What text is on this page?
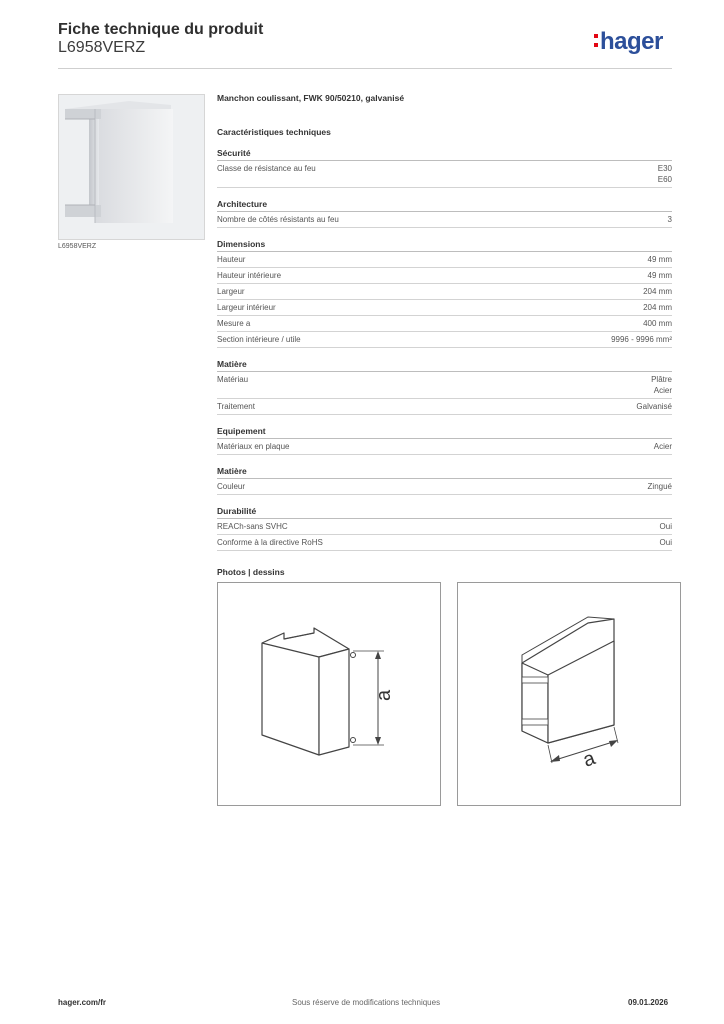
Fiche technique du produit
L6958VERZ	hager
L6958VERZ
Manchon coulissant, FWK 90/50210, galvanisé
Caractéristiques techniques
Sécurité
Classe de résistance au feu	E30
E60
Architecture
Nombre de côtés résistants au feu	3
Dimensions
Hauteur	49 mm
Hauteur intérieure	49 mm
Largeur	204 mm
Largeur intérieur	204 mm
Mesure a	400 mm
Section intérieure / utile	9996 - 9996 mm²
Matière
Matériau	Plâtre
Acier
Traitement	Galvanisé
Equipement
Matériaux en plaque	Acier
Matière
Couleur	Zingué
Durabilité
REACh-sans SVHC	Oui
Conforme à la directive RoHS	Oui
Photos | dessins
a
a
hager.com/fr	Sous réserve de modifications techniques	09.01.2026
